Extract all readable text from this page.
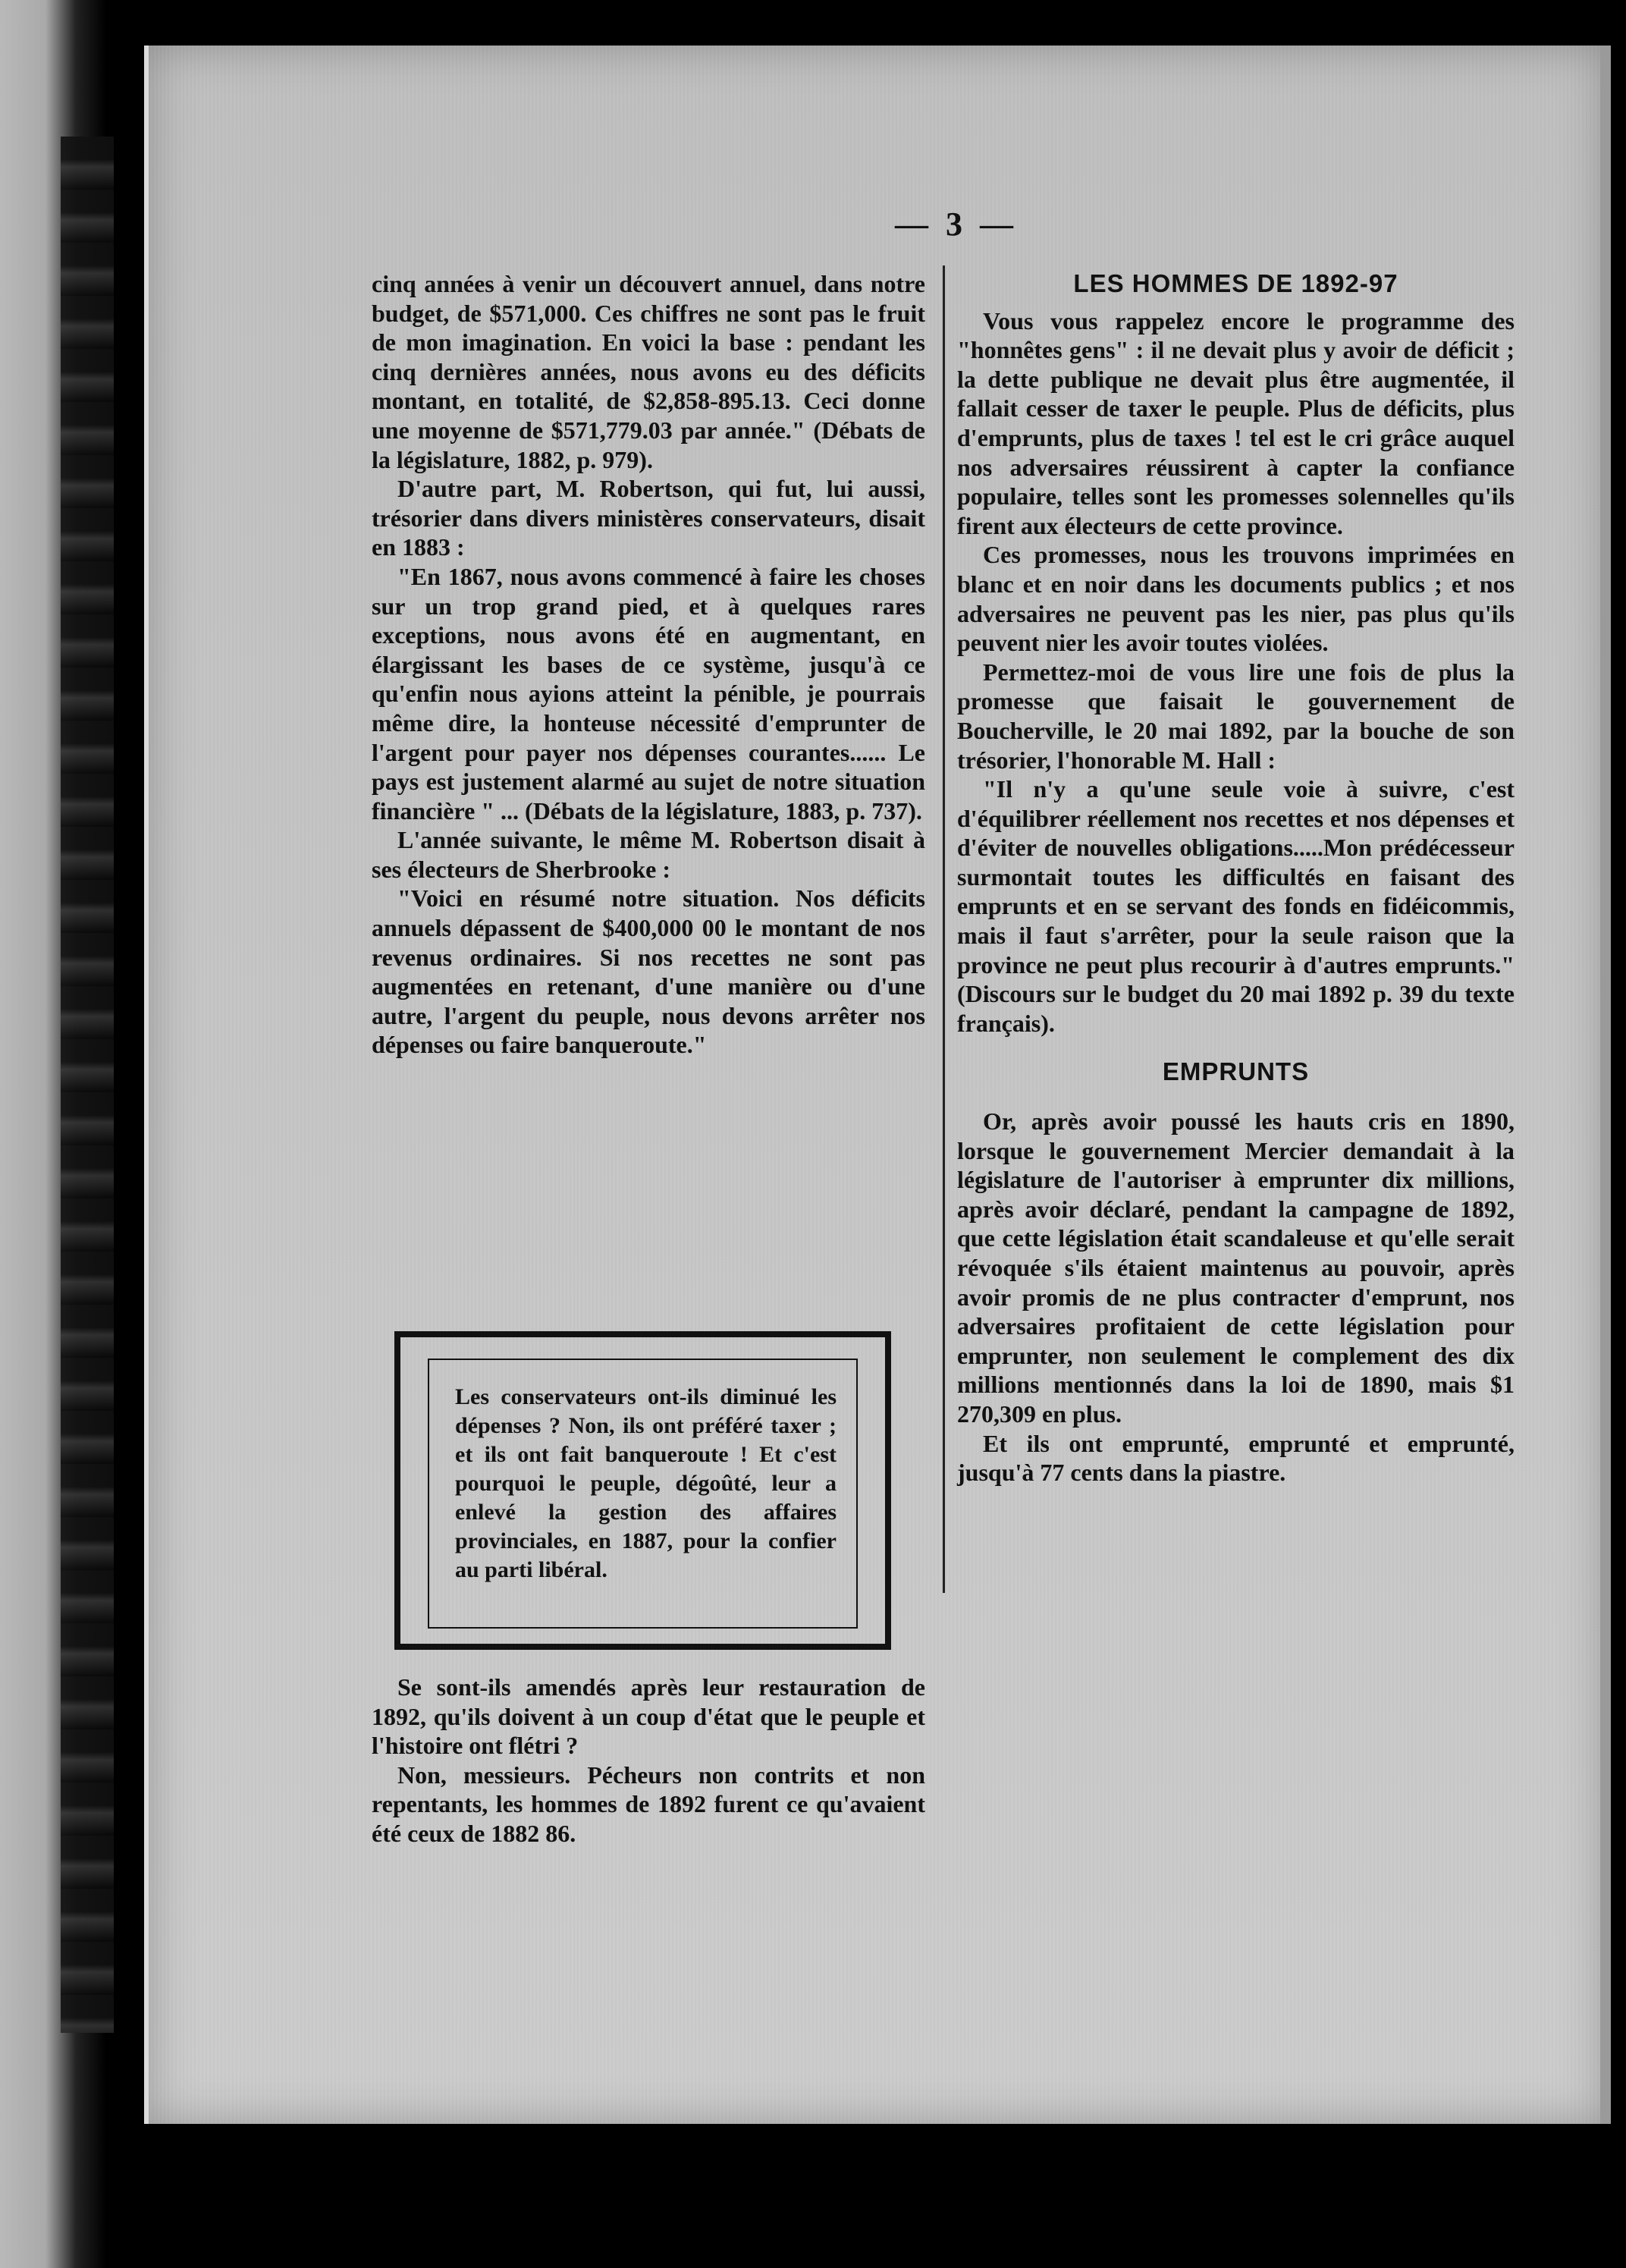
— 3 —

cinq années à venir un découvert annuel, dans notre budget, de $571,000. Ces chiffres ne sont pas le fruit de mon imagination. En voici la base : pendant les cinq dernières années, nous avons eu des déficits montant, en totalité, de $2,858-895.13. Ceci donne une moyenne de $571,779.03 par année." (Débats de la législature, 1882, p. 979).

D'autre part, M. Robertson, qui fut, lui aussi, trésorier dans divers ministères conservateurs, disait en 1883 :

"En 1867, nous avons commencé à faire les choses sur un trop grand pied, et à quelques rares exceptions, nous avons été en augmentant, en élargissant les bases de ce système, jusqu'à ce qu'enfin nous ayions atteint la pénible, je pourrais même dire, la honteuse nécessité d'emprunter de l'argent pour payer nos dépenses courantes...... Le pays est justement alarmé au sujet de notre situation financière " ... (Débats de la législature, 1883, p. 737).

L'année suivante, le même M. Robertson disait à ses électeurs de Sherbrooke :

"Voici en résumé notre situation. Nos déficits annuels dépassent de $400,000 00 le montant de nos revenus ordinaires. Si nos recettes ne sont pas augmentées en retenant, d'une manière ou d'une autre, l'argent du peuple, nous devons arrêter nos dépenses ou faire banqueroute."

Les conservateurs ont-ils diminué les dépenses ? Non, ils ont préféré taxer ; et ils ont fait banqueroute ! Et c'est pourquoi le peuple, dégoûté, leur a enlevé la gestion des affaires provinciales, en 1887, pour la confier au parti libéral.

Se sont-ils amendés après leur restauration de 1892, qu'ils doivent à un coup d'état que le peuple et l'histoire ont flétri ?

Non, messieurs. Pécheurs non contrits et non repentants, les hommes de 1892 furent ce qu'avaient été ceux de 1882 86.

LES HOMMES DE 1892-97

Vous vous rappelez encore le programme des "honnêtes gens" : il ne devait plus y avoir de déficit ; la dette publique ne devait plus être augmentée, il fallait cesser de taxer le peuple. Plus de déficits, plus d'emprunts, plus de taxes ! tel est le cri grâce auquel nos adversaires réussirent à capter la confiance populaire, telles sont les promesses solennelles qu'ils firent aux électeurs de cette province.

Ces promesses, nous les trouvons imprimées en blanc et en noir dans les documents publics ; et nos adversaires ne peuvent pas les nier, pas plus qu'ils peuvent nier les avoir toutes violées.

Permettez-moi de vous lire une fois de plus la promesse que faisait le gouvernement de Boucherville, le 20 mai 1892, par la bouche de son trésorier, l'honorable M. Hall :

"Il n'y a qu'une seule voie à suivre, c'est d'équilibrer réellement nos recettes et nos dépenses et d'éviter de nouvelles obligations.....Mon prédécesseur surmontait toutes les difficultés en faisant des emprunts et en se servant des fonds en fidéicommis, mais il faut s'arrêter, pour la seule raison que la province ne peut plus recourir à d'autres emprunts." (Discours sur le budget du 20 mai 1892 p. 39 du texte français).

EMPRUNTS

Or, après avoir poussé les hauts cris en 1890, lorsque le gouvernement Mercier demandait à la législature de l'autoriser à emprunter dix millions, après avoir déclaré, pendant la campagne de 1892, que cette législation était scandaleuse et qu'elle serait révoquée s'ils étaient maintenus au pouvoir, après avoir promis de ne plus contracter d'emprunt, nos adversaires profitaient de cette législation pour emprunter, non seulement le complement des dix millions mentionnés dans la loi de 1890, mais $1 270,309 en plus.

Et ils ont emprunté, emprunté et emprunté, jusqu'à 77 cents dans la piastre.
